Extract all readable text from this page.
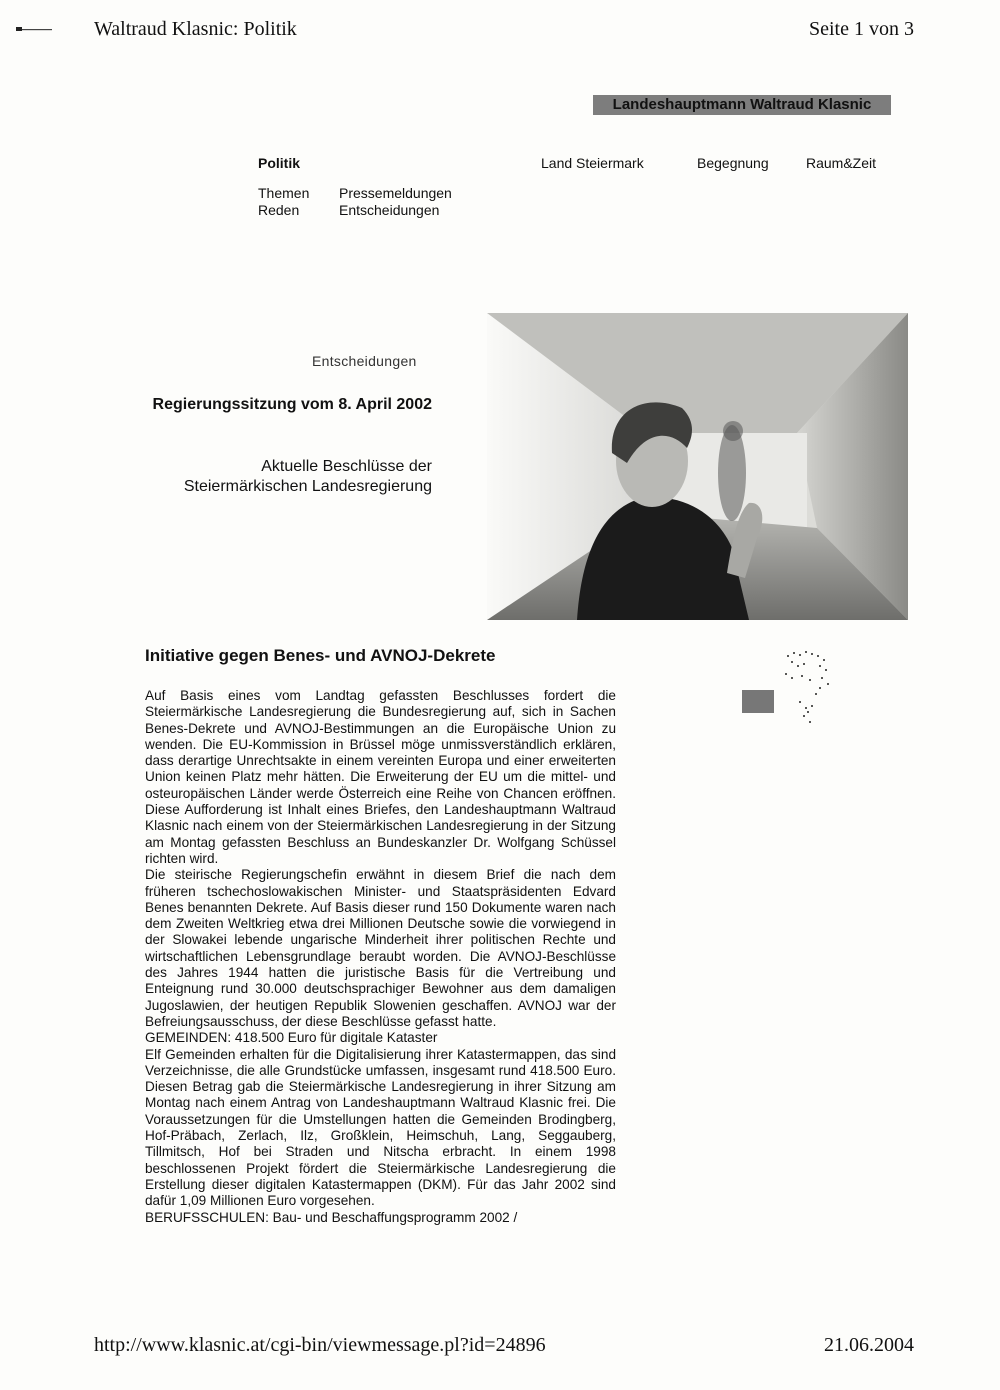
Waltraud Klasnic: Politik	Seite 1 von 3
Landeshauptmann Waltraud Klasnic
Politik	Land Steiermark	Begegnung	Raum&Zeit
Themen Pressemeldungen
Reden	Entscheidungen
Entscheidungen
Regierungssitzung vom 8. April 2002
Aktuelle Beschlüsse der Steiermärkischen Landesregierung
Initiative gegen Benes- und AVNOJ-Dekrete

Auf Basis eines vom Landtag gefassten Beschlusses fordert die Steiermärkische Landesregierung die Bundesregierung auf, sich in Sachen Benes-Dekrete und AVNOJ-Bestimmungen an die Europäische Union zu wenden. Die EU-Kommission in Brüssel möge unmissverständlich erklären, dass derartige Unrechtsakte in einem vereinten Europa und einer erweiterten Union keinen Platz mehr hätten. Die Erweiterung der EU um die mittel- und osteuropäischen Länder werde Österreich eine Reihe von Chancen eröffnen. Diese Aufforderung ist Inhalt eines Briefes, den Landeshauptmann Waltraud Klasnic nach einem von der Steiermärkischen Landesregierung in der Sitzung am Montag gefassten Beschluss an Bundeskanzler Dr. Wolfgang Schüssel richten wird.

Die steirische Regierungschefin erwähnt in diesem Brief die nach dem früheren tschechoslowakischen Minister- und Staatspräsidenten Edvard Benes benannten Dekrete. Auf Basis dieser rund 150 Dokumente waren nach dem Zweiten Weltkrieg etwa drei Millionen Deutsche sowie die vorwiegend in der Slowakei lebende ungarische Minderheit ihrer politischen Rechte und wirtschaftlichen Lebensgrundlage beraubt worden. Die AVNOJ-Beschlüsse des Jahres 1944 hatten die juristische Basis für die Vertreibung und Enteignung rund 30.000 deutschsprachiger Bewohner aus dem damaligen Jugoslawien, der heutigen Republik Slowenien geschaffen. AVNOJ war der Befreiungsausschuss, der diese Beschlüsse gefasst hatte.

GEMEINDEN: 418.500 Euro für digitale Kataster

Elf Gemeinden erhalten für die Digitalisierung ihrer Katastermappen, das sind Verzeichnisse, die alle Grundstücke umfassen, insgesamt rund 418.500 Euro. Diesen Betrag gab die Steiermärkische Landesregierung in ihrer Sitzung am Montag nach einem Antrag von Landeshauptmann Waltraud Klasnic frei. Die Voraussetzungen für die Umstellungen hatten die Gemeinden Brodingberg, Hof-Präbach, Zerlach, Ilz, Großklein, Heimschuh, Lang, Seggauberg, Tillmitsch, Hof bei Straden und Nitscha erbracht. In einem 1998 beschlossenen Projekt fördert die Steiermärkische Landesregierung die Erstellung dieser digitalen Katastermappen (DKM). Für das Jahr 2002 sind dafür 1,09 Millionen Euro vorgesehen.

BERUFSSCHULEN: Bau- und Beschaffungsprogramm 2002 /

http://www.klasnic.at/cgi-bin/viewmessage.pl?id=24896	21.06.2004
